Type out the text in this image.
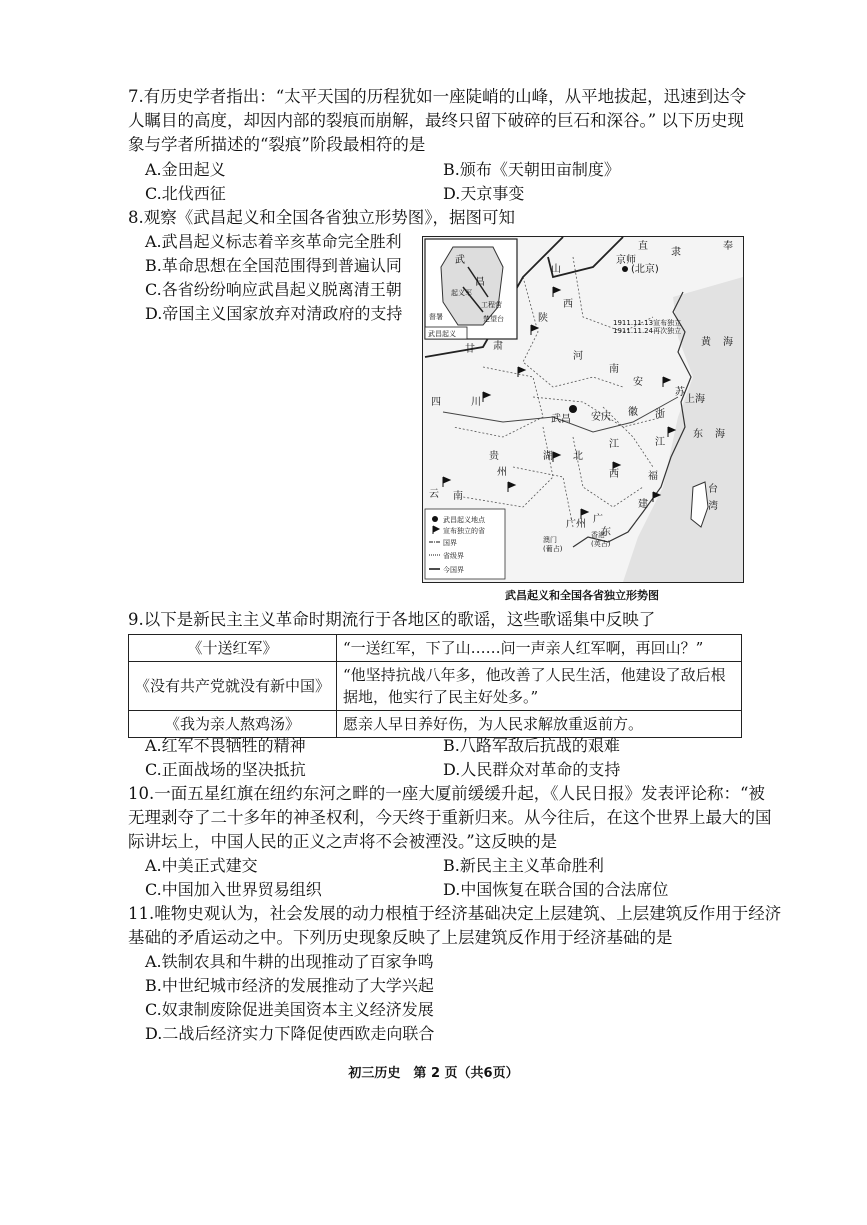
7.有历史学者指出：“太平天国的历程犹如一座陡峭的山峰，从平地拔起，迅速到达令
人瞩目的高度，却因内部的裂痕而崩解，最终只留下破碎的巨石和深谷。” 以下历史现
象与学者所描述的“裂痕”阶段最相符的是
A.金田起义	B.颁布《天朝田亩制度》
C.北伐西征	D.天京事变
8.观察《武昌起义和全国各省独立形势图》，据图可知
A.武昌起义标志着辛亥革命完全胜利
B.革命思想在全国范围得到普遍认同
C.各省纷纷响应武昌起义脱离清王朝
D.帝国主义国家放弃对清政府的支持
武
昌
起义军
工程营
督署	楚望台
武昌起义
直
隶
奉
山
西
陕
河
南
甘 肃
四	川
湖 北
江
西
浙
江
福
建
贵
州
云 南
广
东
安
徽
苏
黄 海
东 海
台
湾
京师
(北京)
武昌 安庆
上海
广州
澳门
(葡占)
香港
(英占)
1911.11.13宣布独立
1911.11.24再次独立
武昌起义地点
宣布独立的省
国界
省级界
今国界
武昌起义和全国各省独立形势图
9.以下是新民主主义革命时期流行于各地区的歌谣，这些歌谣集中反映了
《十送红军》	“一送红军，下了山……问一声亲人红军啊，再回山？”
《没有共产党就没有新中国》	“他坚持抗战八年多，他改善了人民生活，他建设了敌后根据地，他实行了民主好处多。”
《我为亲人熬鸡汤》	愿亲人早日养好伤，为人民求解放重返前方。
A.红军不畏牺牲的精神	B.八路军敌后抗战的艰难
C.正面战场的坚决抵抗	D.人民群众对革命的支持
10.一面五星红旗在纽约东河之畔的一座大厦前缓缓升起，《人民日报》发表评论称：“被
无理剥夺了二十多年的神圣权利，今天终于重新归来。从今往后，在这个世界上最大的国
际讲坛上，中国人民的正义之声将不会被湮没。”这反映的是
A.中美正式建交	B.新民主主义革命胜利
C.中国加入世界贸易组织	D.中国恢复在联合国的合法席位
11.唯物史观认为，社会发展的动力根植于经济基础决定上层建筑、上层建筑反作用于经济
基础的矛盾运动之中。下列历史现象反映了上层建筑反作用于经济基础的是
A.铁制农具和牛耕的出现推动了百家争鸣
B.中世纪城市经济的发展推动了大学兴起
C.奴隶制废除促进美国资本主义经济发展
D.二战后经济实力下降促使西欧走向联合
初三历史　第 2 页（共6页）
